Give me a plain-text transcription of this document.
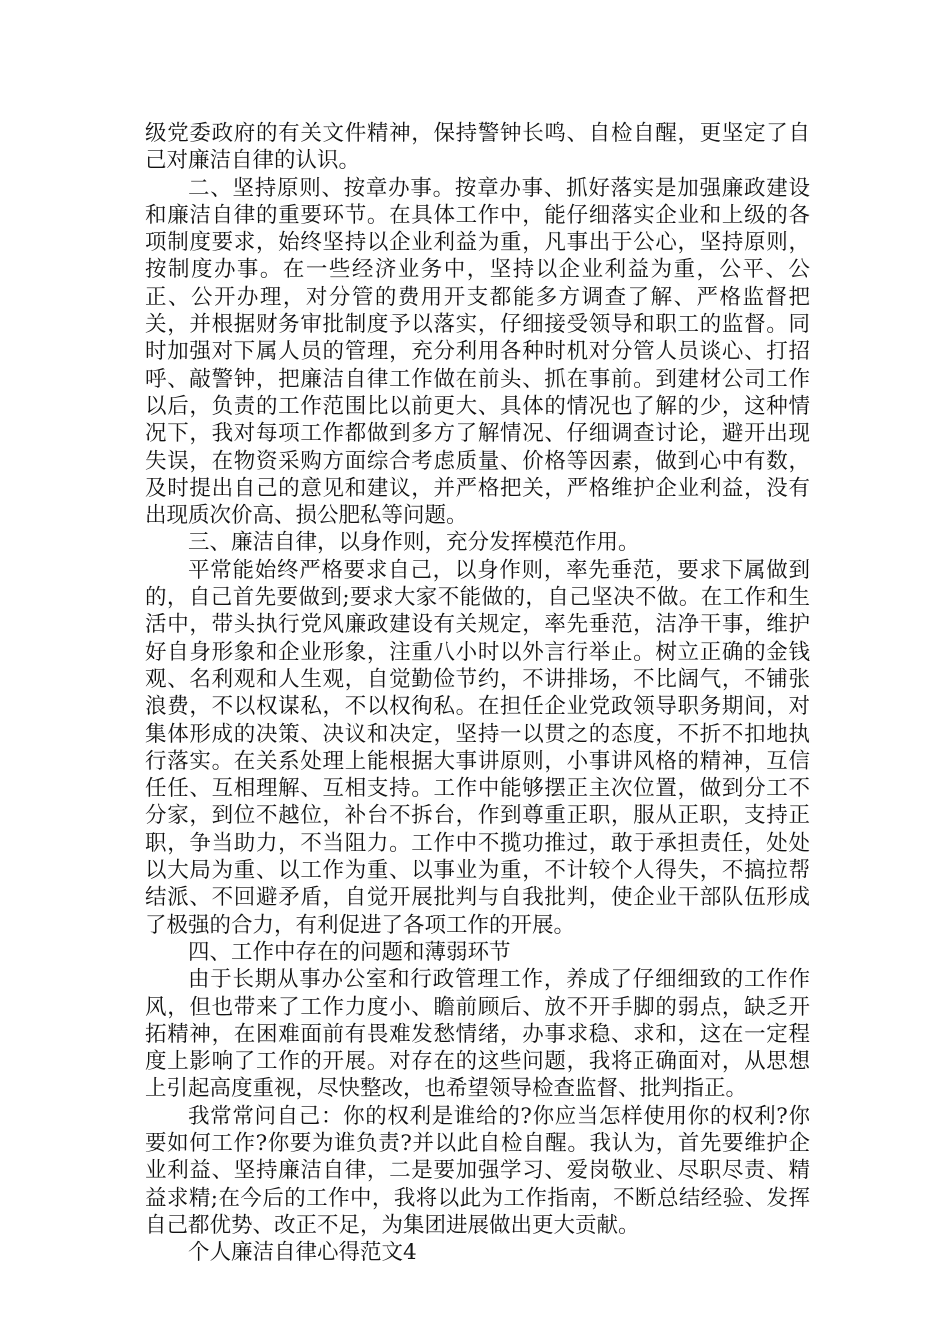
级党委政府的有关文件精神，保持警钟长鸣、自检自醒，更坚定了自己对廉洁自律的认识。

二、坚持原则、按章办事。按章办事、抓好落实是加强廉政建设和廉洁自律的重要环节。在具体工作中，能仔细落实企业和上级的各项制度要求，始终坚持以企业利益为重，凡事出于公心，坚持原则，按制度办事。在一些经济业务中，坚持以企业利益为重，公平、公正、公开办理，对分管的费用开支都能多方调查了解、严格监督把关，并根据财务审批制度予以落实，仔细接受领导和职工的监督。同时加强对下属人员的管理，充分利用各种时机对分管人员谈心、打招呼、敲警钟，把廉洁自律工作做在前头、抓在事前。到建材公司工作以后，负责的工作范围比以前更大、具体的情况也了解的少，这种情况下，我对每项工作都做到多方了解情况、仔细调查讨论，避开出现失误，在物资采购方面综合考虑质量、价格等因素，做到心中有数，及时提出自己的意见和建议，并严格把关，严格维护企业利益，没有出现质次价高、损公肥私等问题。

三、廉洁自律，以身作则，充分发挥模范作用。

平常能始终严格要求自己，以身作则，率先垂范，要求下属做到的，自己首先要做到;要求大家不能做的，自己坚决不做。在工作和生活中，带头执行党风廉政建设有关规定，率先垂范，洁净干事，维护好自身形象和企业形象，注重八小时以外言行举止。树立正确的金钱观、名利观和人生观，自觉勤俭节约，不讲排场，不比阔气，不铺张浪费，不以权谋私，不以权徇私。在担任企业党政领导职务期间，对集体形成的决策、决议和决定，坚持一以贯之的态度，不折不扣地执行落实。在关系处理上能根据大事讲原则，小事讲风格的精神，互信任任、互相理解、互相支持。工作中能够摆正主次位置，做到分工不分家，到位不越位，补台不拆台，作到尊重正职，服从正职，支持正职，争当助力，不当阻力。工作中不揽功推过，敢于承担责任，处处以大局为重、以工作为重、以事业为重，不计较个人得失，不搞拉帮结派、不回避矛盾，自觉开展批判与自我批判，使企业干部队伍形成了极强的合力，有利促进了各项工作的开展。

四、工作中存在的问题和薄弱环节

由于长期从事办公室和行政管理工作，养成了仔细细致的工作作风，但也带来了工作力度小、瞻前顾后、放不开手脚的弱点，缺乏开拓精神，在困难面前有畏难发愁情绪，办事求稳、求和，这在一定程度上影响了工作的开展。对存在的这些问题，我将正确面对，从思想上引起高度重视，尽快整改，也希望领导检查监督、批判指正。

我常常问自己：你的权利是谁给的?你应当怎样使用你的权利?你要如何工作?你要为谁负责?并以此自检自醒。我认为，首先要维护企业利益、坚持廉洁自律，二是要加强学习、爱岗敬业、尽职尽责、精益求精;在今后的工作中，我将以此为工作指南，不断总结经验、发挥自己都优势、改正不足，为集团进展做出更大贡献。

个人廉洁自律心得范文4
